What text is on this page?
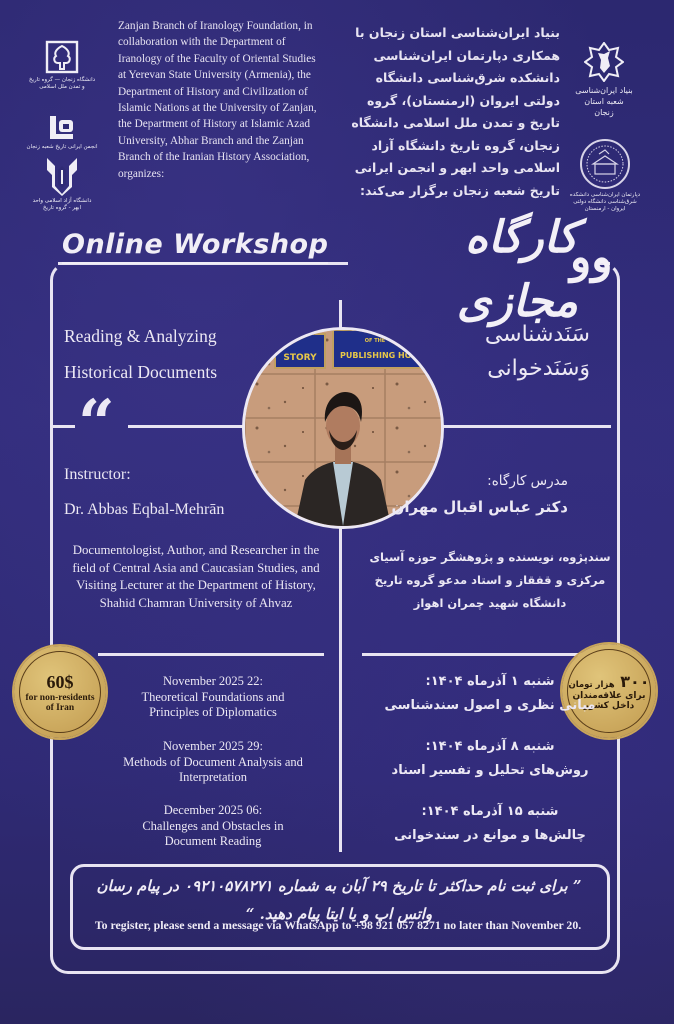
دانشگاه زنجان — گروه تاریخ و تمدن ملل اسلامی
انجمن ایرانی تاریخ شعبه زنجان
دانشگاه آزاد اسلامی واحد ابهر - گروه تاریخ
Zanjan Branch of Iranology Foundation, in collaboration with the Department of Iranology of the Faculty of Oriental Studies at Yerevan State University (Armenia), the Department of History and Civilization of Islamic Nations at the University of Zanjan, the Department of History at Islamic Azad University, Abhar Branch and the Zanjan Branch of the Iranian History Association, organizes:
بنیاد ایران‌شناسی استان زنجان با همکاری دپارتمان ایران‌شناسی دانشکده شرق‌شناسی دانشگاه دولتی ایروان (ارمنستان)، گروه تاریخ و تمدن ملل اسلامی دانشگاه زنجان، گروه تاریخ دانشگاه آزاد اسلامی واحد ابهر و انجمن ایرانی تاریخ شعبه زنجان برگزار می‌کند:
بنیاد ایران‌شناسی شعبه استان زنجان
دپارتمان ایران‌شناسی دانشکده شرق‌شناسی دانشگاه دولتی ایروان - ارمنستان
Online Workshop	کارگاه مجازی
وو
Reading & Analyzing
Historical Documents
سَنَدشناسی
وَسَنَدخوانی
STORY
OF THE
PUBLISHING HOU
“
Instructor:
Dr. Abbas Eqbal-Mehrān
Documentologist, Author, and Researcher in the field of Central Asia and Caucasian Studies, and Visiting Lecturer at the Department of History, Shahid Chamran University of Ahvaz
مدرس کارگاه:
دکتر عباس اقبال مهران
سندپژوه، نویسنده و پژوهشگر حوزه آسیای مرکزی و قفقاز و استاد مدعو گروه تاریخ دانشگاه شهید چمران اهواز
60$
for non-residents
of Iran
۳۰۰ هزار تومان
برای علاقه‌مندان
داخل کشور
November 2025 22:
Theoretical Foundations and Principles of Diplomatics
November 2025 29:
Methods of Document Analysis and Interpretation
December 2025 06:
Challenges and Obstacles in Document Reading
شنبه ۱ آذرماه ۱۴۰۴:
مبانی نظری و اصول سندشناسی
شنبه ۸ آذرماه ۱۴۰۴:
روش‌های تحلیل و تفسیر اسناد
شنبه ۱۵ آذرماه ۱۴۰۴:
چالش‌ها و موانع در سندخوانی
” برای ثبت نام حداکثر تا تاریخ ۲۹ آبان به شماره ۰۹۲۱۰۵۷۸۲۷۱ در پیام رسان واتس اپ و یا ایتا پیام دهید. “
To register, please send a message via WhatsApp to +98 921 057 8271 no later than November 20.
